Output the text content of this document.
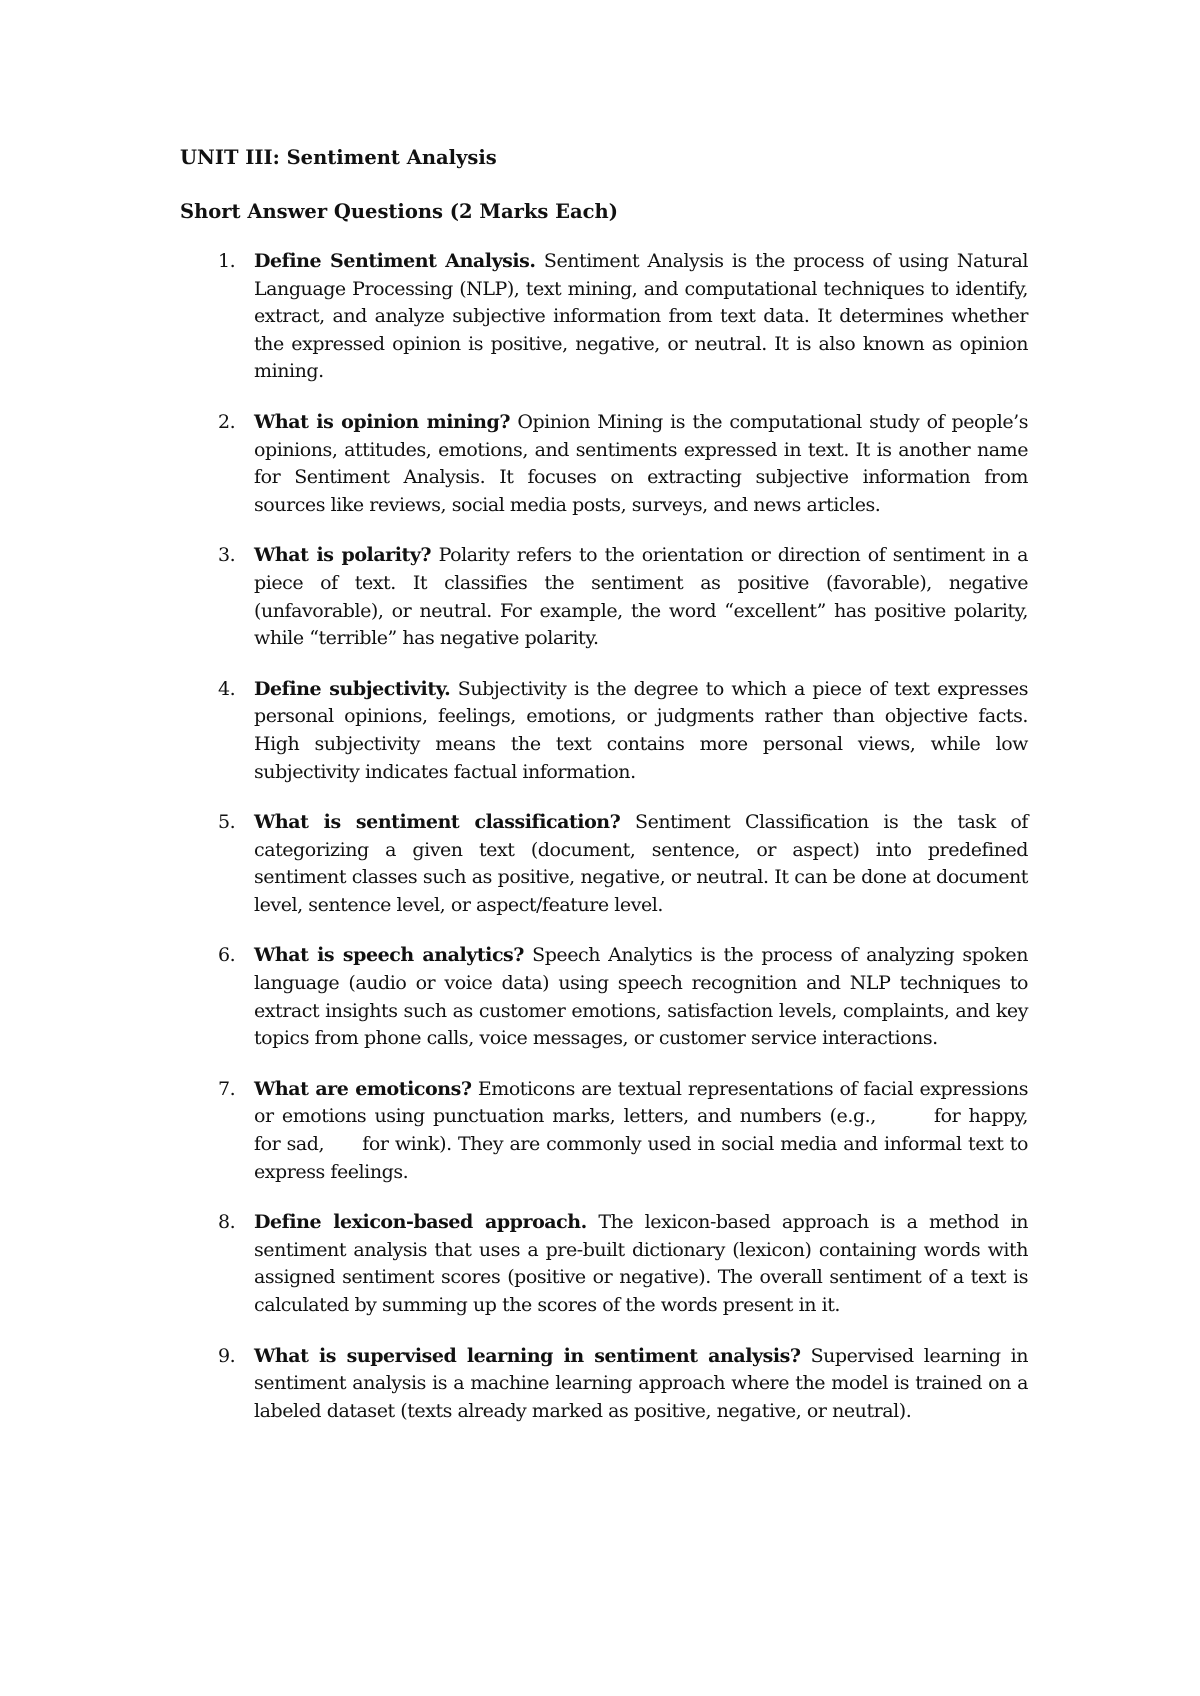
UNIT III: Sentiment Analysis
Short Answer Questions (2 Marks Each)
1. Define Sentiment Analysis. Sentiment Analysis is the process of using Natural Language Processing (NLP), text mining, and computational techniques to identify, extract, and analyze subjective information from text data. It determines whether the expressed opinion is positive, negative, or neutral. It is also known as opinion mining.
2. What is opinion mining? Opinion Mining is the computational study of people’s opinions, attitudes, emotions, and sentiments expressed in text. It is another name for Sentiment Analysis. It focuses on extracting subjective information from sources like reviews, social media posts, surveys, and news articles.
3. What is polarity? Polarity refers to the orientation or direction of sentiment in a piece of text. It classifies the sentiment as positive (favorable), negative (unfavorable), or neutral. For example, the word “excellent” has positive polarity, while “terrible” has negative polarity.
4. Define subjectivity. Subjectivity is the degree to which a piece of text expresses personal opinions, feelings, emotions, or judgments rather than objective facts. High subjectivity means the text contains more personal views, while low subjectivity indicates factual information.
5. What is sentiment classification? Sentiment Classification is the task of categorizing a given text (document, sentence, or aspect) into predefined sentiment classes such as positive, negative, or neutral. It can be done at document level, sentence level, or aspect/feature level.
6. What is speech analytics? Speech Analytics is the process of analyzing spoken language (audio or voice data) using speech recognition and NLP techniques to extract insights such as customer emotions, satisfaction levels, complaints, and key topics from phone calls, voice messages, or customer service interactions.
7. What are emoticons? Emoticons are textual representations of facial expressions or emotions using punctuation marks, letters, and numbers (e.g.,       for happy,      for sad,      for wink). They are commonly used in social media and informal text to express feelings.
8. Define lexicon-based approach. The lexicon-based approach is a method in sentiment analysis that uses a pre-built dictionary (lexicon) containing words with assigned sentiment scores (positive or negative). The overall sentiment of a text is calculated by summing up the scores of the words present in it.
9. What is supervised learning in sentiment analysis? Supervised learning in sentiment analysis is a machine learning approach where the model is trained on a labeled dataset (texts already marked as positive, negative, or neutral).
